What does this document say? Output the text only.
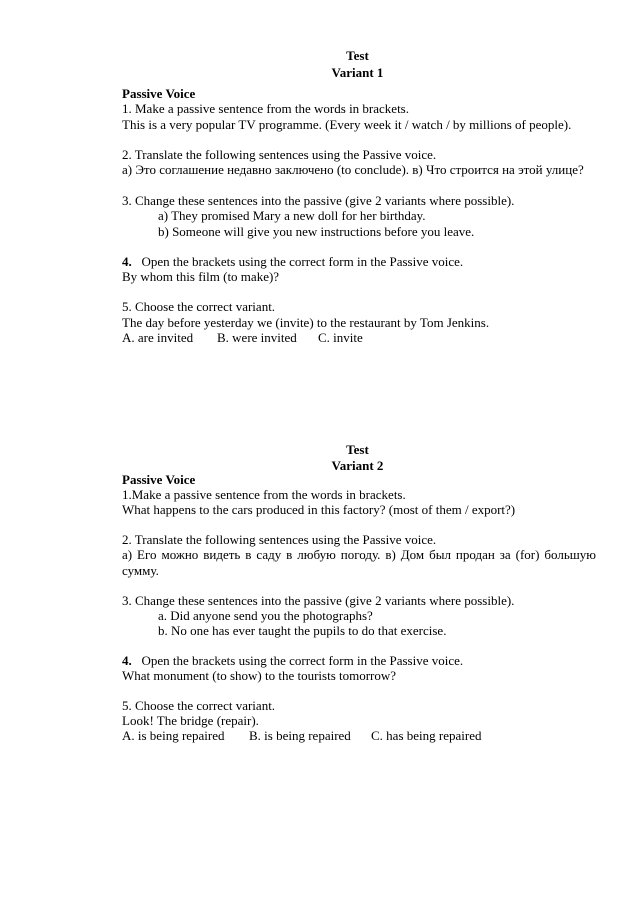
Test
Variant 1
Passive Voice
1. Make a passive sentence from the words in brackets.
This is a very popular TV programme. (Every week it / watch / by millions of people).
2. Translate the following sentences using the Passive voice.
а) Это соглашение недавно заключено (to conclude). в) Что строится на этой улице?
3. Change these sentences into the passive (give 2 variants where possible).
a) They promised Mary a new doll for her birthday.
b) Someone will give you new instructions before you leave.
4. Open the brackets using the correct form in the Passive voice.
By whom this film (to make)?
5. Choose the correct variant.
The day before yesterday we (invite) to the restaurant by Tom Jenkins.
A. are invited B. were invited C. invite
Test
Variant 2
Passive Voice
1.Make a passive sentence from the words in brackets.
What happens to the cars produced in this factory? (most of them / export?)
2. Translate the following sentences using the Passive voice.
а) Его можно видеть в саду в любую погоду. в) Дом был продан за (for) большую сумму.
3. Change these sentences into the passive (give 2 variants where possible).
a. Did anyone send you the photographs?
b. No one has ever taught the pupils to do that exercise.
4. Open the brackets using the correct form in the Passive voice.
What monument (to show) to the tourists tomorrow?
5. Choose the correct variant.
Look! The bridge (repair).
A. is being repaired B. is being repaired C. has being repaired
